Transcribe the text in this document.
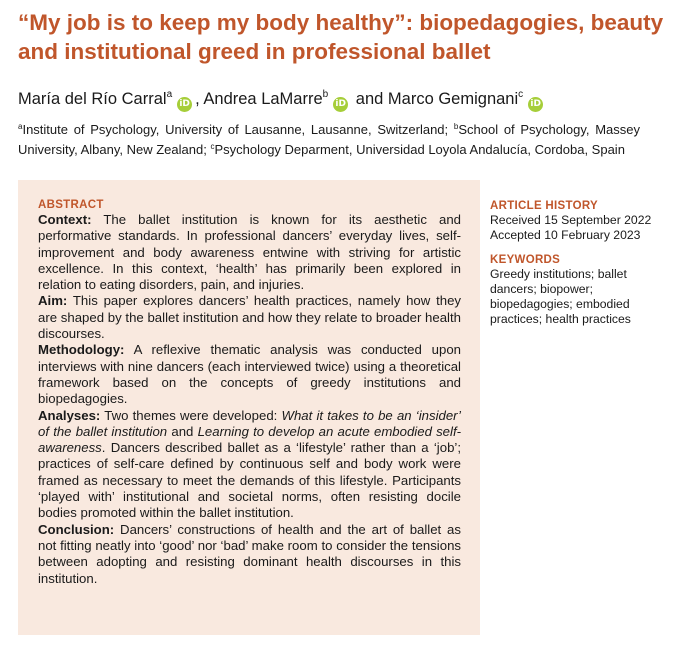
“My job is to keep my body healthy”: biopedagogies, beauty and institutional greed in professional ballet
María del Río Carral$^a$iD , Andrea LaMarre$^b$iD and Marco Gemignani$^c$iD
$^a$Institute of Psychology, University of Lausanne, Lausanne, Switzerland; $^b$School of Psychology, Massey University, Albany, New Zealand; $^c$Psychology Deparment, Universidad Loyola Andalucía, Cordoba, Spain

ABSTRACT

Context: The ballet institution is known for its aesthetic and performative standards. In professional dancers’ everyday lives, self-improvement and body awareness entwine with striving for artistic excellence. In this context, ‘health’ has primarily been explored in relation to eating disorders, pain, and injuries.

Aim: This paper explores dancers’ health practices, namely how they are shaped by the ballet institution and how they relate to broader health discourses.

Methodology: A reflexive thematic analysis was conducted upon interviews with nine dancers (each interviewed twice) using a theoretical framework based on the concepts of greedy institutions and biopedagogies.

Analyses: Two themes were developed: What it takes to be an ‘insider’ of the ballet institution and Learning to develop an acute embodied self-awareness. Dancers described ballet as a ‘lifestyle’ rather than a ‘job’; practices of self-care defined by continuous self and body work were framed as necessary to meet the demands of this lifestyle. Participants ‘played with’ institutional and societal norms, often resisting docile bodies promoted within the ballet institution.

Conclusion: Dancers’ constructions of health and the art of ballet as not fitting neatly into ‘good’ nor ‘bad’ make room to consider the tensions between adopting and resisting dominant health discourses in this institution.

ARTICLE HISTORY

Received 15 September 2022

Accepted 10 February 2023

KEYWORDS

Greedy institutions; ballet dancers; biopower; biopedagogies; embodied practices; health practices
